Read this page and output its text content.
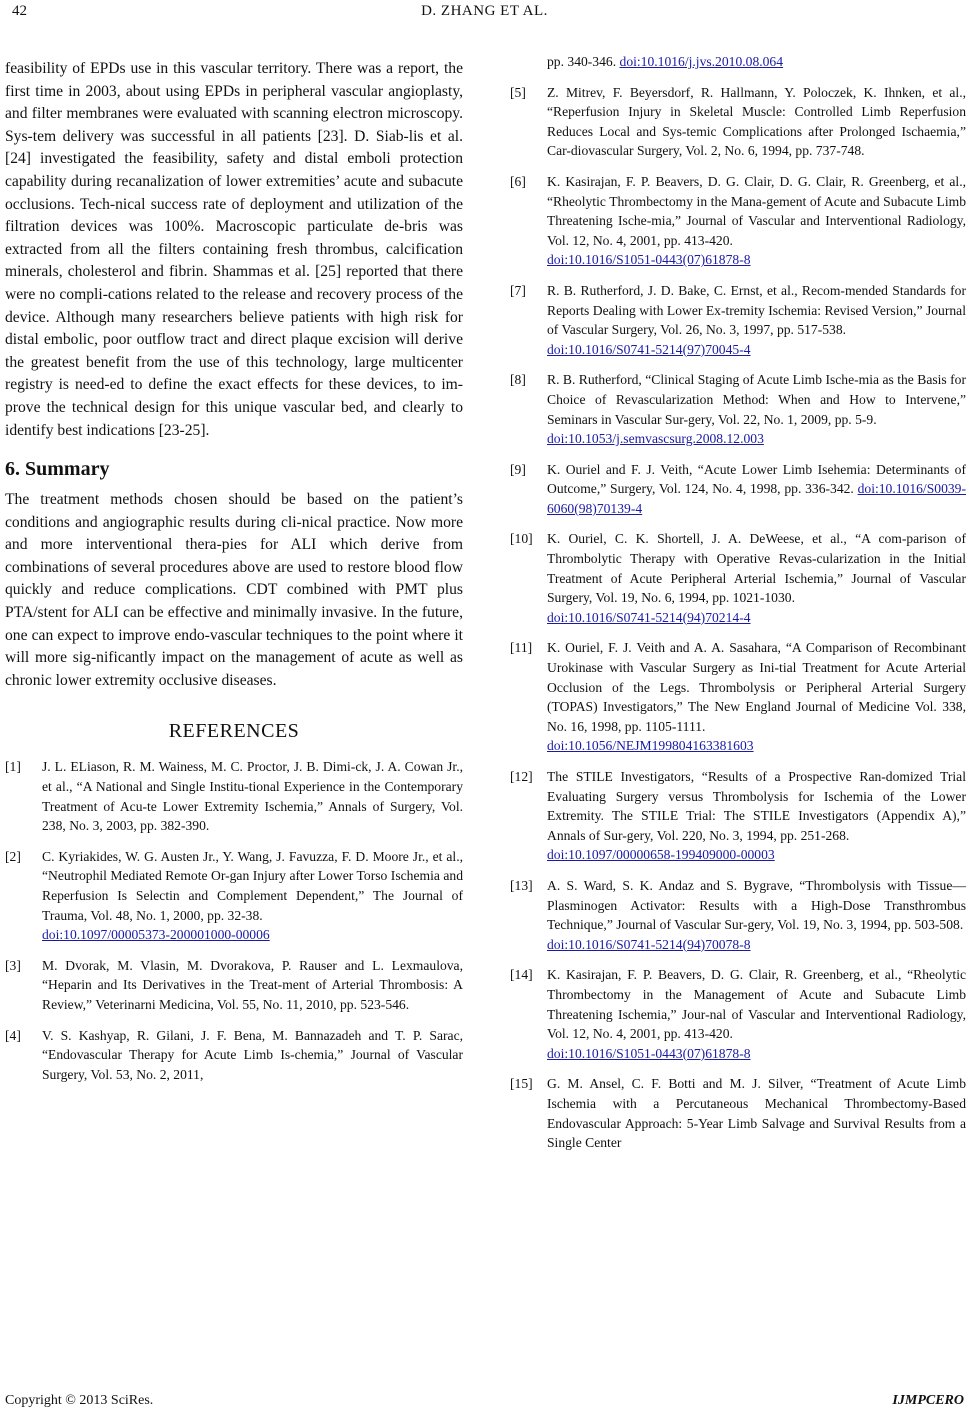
42	D. ZHANG ET AL.

feasibility of EPDs use in this vascular territory. There was a report, the first time in 2003, about using EPDs in peripheral vascular angioplasty, and filter membranes were evaluated with scanning electron microscopy. Sys-tem delivery was successful in all patients [23]. D. Siab-lis et al. [24] investigated the feasibility, safety and distal emboli protection capability during recanalization of lower extremities’ acute and subacute occlusions. Tech-nical success rate of deployment and utilization of the filtration devices was 100%. Macroscopic particulate de-bris was extracted from all the filters containing fresh thrombus, calcification minerals, cholesterol and fibrin. Shammas et al. [25] reported that there were no compli-cations related to the release and recovery process of the device. Although many researchers believe patients with high risk for distal embolic, poor outflow tract and direct plaque excision will derive the greatest benefit from the use of this technology, large multicenter registry is need-ed to define the exact effects for these devices, to im-prove the technical design for this unique vascular bed, and clearly to identify best indications [23-25].

6. Summary

The treatment methods chosen should be based on the patient’s conditions and angiographic results during cli-nical practice. Now more and more interventional thera-pies for ALI which derive from combinations of several procedures above are used to restore blood flow quickly and reduce complications. CDT combined with PMT plus PTA/stent for ALI can be effective and minimally invasive. In the future, one can expect to improve endo-vascular techniques to the point where it will more sig-nificantly impact on the management of acute as well as chronic lower extremity occlusive diseases.

REFERENCES
[1] J. L. ELiason, R. M. Wainess, M. C. Proctor, J. B. Dimi-ck, J. A. Cowan Jr., et al., “A National and Single Institu-tional Experience in the Contemporary Treatment of Acu-te Lower Extremity Ischemia,” Annals of Surgery, Vol. 238, No. 3, 2003, pp. 382-390.
[2] C. Kyriakides, W. G. Austen Jr., Y. Wang, J. Favuzza, F. D. Moore Jr., et al., “Neutrophil Mediated Remote Or-gan Injury after Lower Torso Ischemia and Reperfusion Is Selectin and Complement Dependent,” The Journal of Trauma, Vol. 48, No. 1, 2000, pp. 32-38.
doi:10.1097/00005373-200001000-00006
[3] M. Dvorak, M. Vlasin, M. Dvorakova, P. Rauser and L. Lexmaulova, “Heparin and Its Derivatives in the Treat-ment of Arterial Thrombosis: A Review,” Veterinarni Medicina, Vol. 55, No. 11, 2010, pp. 523-546.
[4] V. S. Kashyap, R. Gilani, J. F. Bena, M. Bannazadeh and T. P. Sarac, “Endovascular Therapy for Acute Limb Is-chemia,” Journal of Vascular Surgery, Vol. 53, No. 2, 2011,
pp. 340-346. doi:10.1016/j.jvs.2010.08.064
[5] Z. Mitrev, F. Beyersdorf, R. Hallmann, Y. Poloczek, K. Ihnken, et al., “Reperfusion Injury in Skeletal Muscle: Controlled Limb Reperfusion Reduces Local and Sys-temic Complications after Prolonged Ischaemia,” Car-diovascular Surgery, Vol. 2, No. 6, 1994, pp. 737-748.
[6] K. Kasirajan, F. P. Beavers, D. G. Clair, D. G. Clair, R. Greenberg, et al., “Rheolytic Thrombectomy in the Mana-gement of Acute and Subacute Limb Threatening Ische-mia,” Journal of Vascular and Interventional Radiology, Vol. 12, No. 4, 2001, pp. 413-420.
doi:10.1016/S1051-0443(07)61878-8
[7] R. B. Rutherford, J. D. Bake, C. Ernst, et al., Recom-mended Standards for Reports Dealing with Lower Ex-tremity Ischemia: Revised Version,” Journal of Vascular Surgery, Vol. 26, No. 3, 1997, pp. 517-538.
doi:10.1016/S0741-5214(97)70045-4
[8] R. B. Rutherford, “Clinical Staging of Acute Limb Ische-mia as the Basis for Choice of Revascularization Method: When and How to Intervene,” Seminars in Vascular Sur-gery, Vol. 22, No. 1, 2009, pp. 5-9.
doi:10.1053/j.semvascsurg.2008.12.003
[9] K. Ouriel and F. J. Veith, “Acute Lower Limb Isehemia: Determinants of Outcome,” Surgery, Vol. 124, No. 4, 1998, pp. 336-342. doi:10.1016/S0039-6060(98)70139-4
[10] K. Ouriel, C. K. Shortell, J. A. DeWeese, et al., “A com-parison of Thrombolytic Therapy with Operative Revas-cularization in the Initial Treatment of Acute Peripheral Arterial Ischemia,” Journal of Vascular Surgery, Vol. 19, No. 6, 1994, pp. 1021-1030.
doi:10.1016/S0741-5214(94)70214-4
[11] K. Ouriel, F. J. Veith and A. A. Sasahara, “A Comparison of Recombinant Urokinase with Vascular Surgery as Ini-tial Treatment for Acute Arterial Occlusion of the Legs. Thrombolysis or Peripheral Arterial Surgery (TOPAS) Investigators,” The New England Journal of Medicine Vol. 338, No. 16, 1998, pp. 1105-1111.
doi:10.1056/NEJM199804163381603
[12] The STILE Investigators, “Results of a Prospective Ran-domized Trial Evaluating Surgery versus Thrombolysis for Ischemia of the Lower Extremity. The STILE Trial: The STILE Investigators (Appendix A),” Annals of Sur-gery, Vol. 220, No. 3, 1994, pp. 251-268.
doi:10.1097/00000658-199409000-00003
[13] A. S. Ward, S. K. Andaz and S. Bygrave, “Thrombolysis with Tissue—Plasminogen Activator: Results with a High-Dose Transthrombus Technique,” Journal of Vascular Sur-gery, Vol. 19, No. 3, 1994, pp. 503-508.
doi:10.1016/S0741-5214(94)70078-8
[14] K. Kasirajan, F. P. Beavers, D. G. Clair, R. Greenberg, et al., “Rheolytic Thrombectomy in the Management of Acute and Subacute Limb Threatening Ischemia,” Jour-nal of Vascular and Interventional Radiology, Vol. 12, No. 4, 2001, pp. 413-420.
doi:10.1016/S1051-0443(07)61878-8
[15] G. M. Ansel, C. F. Botti and M. J. Silver, “Treatment of Acute Limb Ischemia with a Percutaneous Mechanical Thrombectomy-Based Endovascular Approach: 5-Year Limb Salvage and Survival Results from a Single Center
Copyright © 2013 SciRes.	IJMPCERO
